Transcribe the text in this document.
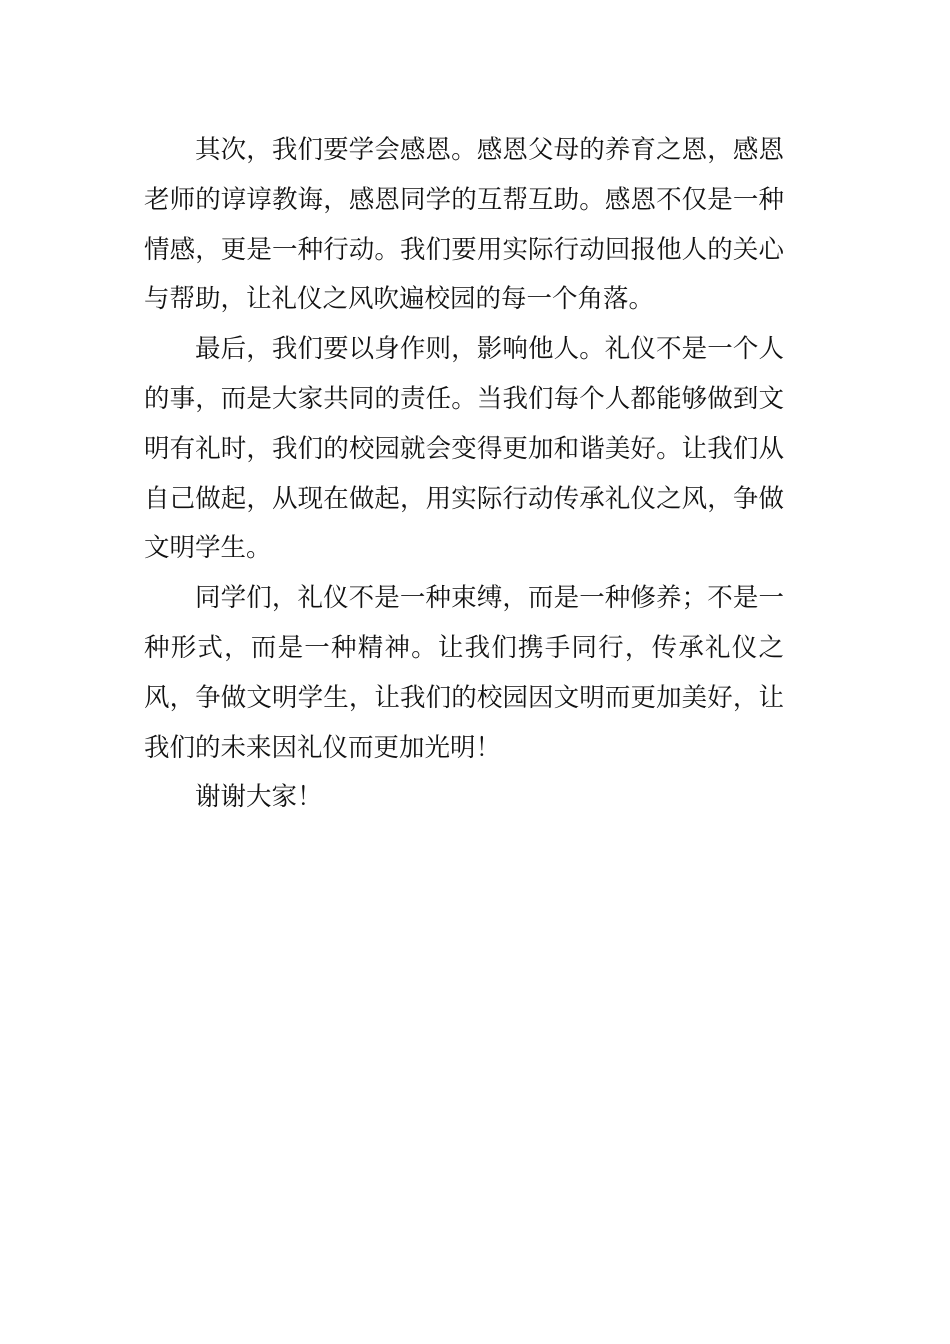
其次，我们要学会感恩。感恩父母的养育之恩，感恩老师的谆谆教诲，感恩同学的互帮互助。感恩不仅是一种情感，更是一种行动。我们要用实际行动回报他人的关心与帮助，让礼仪之风吹遍校园的每一个角落。

最后，我们要以身作则，影响他人。礼仪不是一个人的事，而是大家共同的责任。当我们每个人都能够做到文明有礼时，我们的校园就会变得更加和谐美好。让我们从自己做起，从现在做起，用实际行动传承礼仪之风，争做文明学生。

同学们，礼仪不是一种束缚，而是一种修养；不是一种形式，而是一种精神。让我们携手同行，传承礼仪之风，争做文明学生，让我们的校园因文明而更加美好，让我们的未来因礼仪而更加光明！

谢谢大家！
